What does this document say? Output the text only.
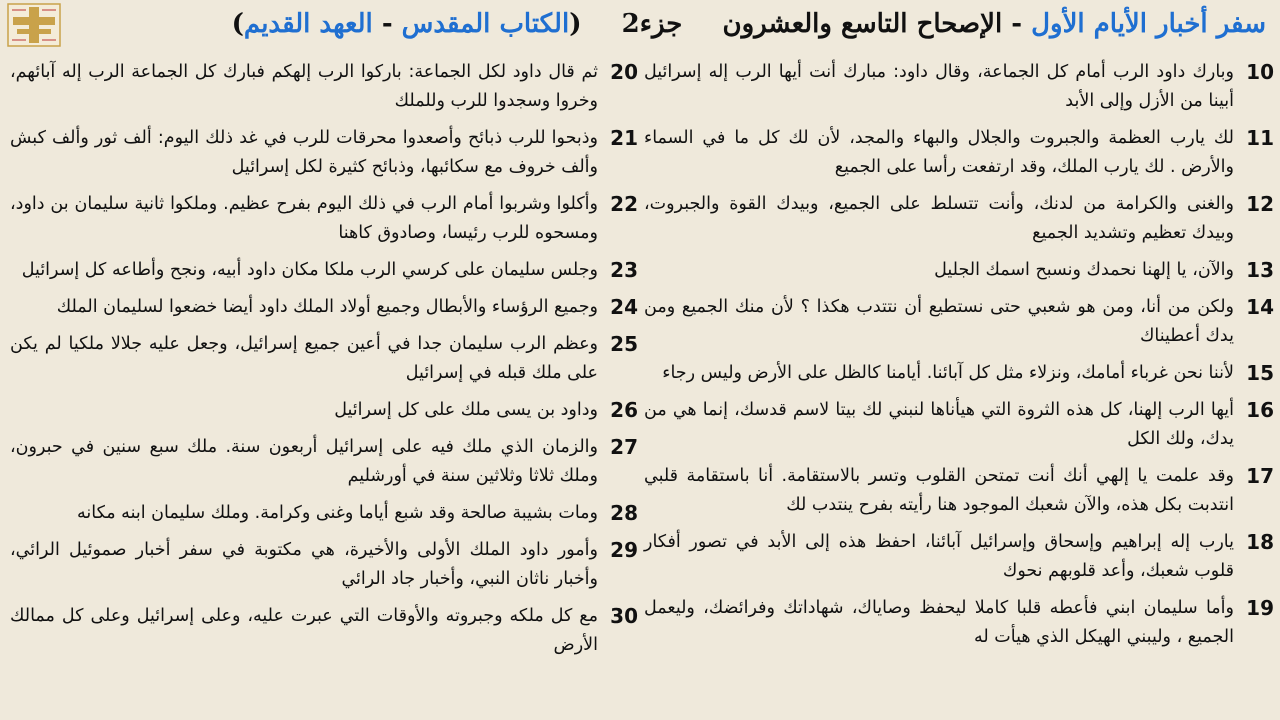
سفر أخبار الأيام الأول - الإصحاح التاسع والعشرون  جزء2  (الكتاب المقدس - العهد القديم)
10
وبارك داود الرب أمام كل الجماعة، وقال داود: مبارك أنت أيها الرب إله إسرائيل أبينا من الأزل وإلى الأبد
11
لك يارب العظمة والجبروت والجلال والبهاء والمجد، لأن لك كل ما في السماء والأرض . لك يارب الملك، وقد ارتفعت رأسا على الجميع
12
والغنى والكرامة من لدنك، وأنت تتسلط على الجميع، وبيدك القوة والجبروت، وبيدك تعظيم وتشديد الجميع
13
والآن، يا إلهنا نحمدك ونسبح اسمك الجليل
14
ولكن من أنا، ومن هو شعبي حتى نستطيع أن نتتدب هكذا ؟ لأن منك الجميع ومن يدك أعطيناك
15
لأننا نحن غرباء أمامك، ونزلاء مثل كل آبائنا. أيامنا كالظل على الأرض وليس رجاء
16
أيها الرب إلهنا، كل هذه الثروة التي هيأناها لنبني لك بيتا لاسم قدسك، إنما هي من يدك، ولك الكل
17
وقد علمت يا إلهي أنك أنت تمتحن القلوب وتسر بالاستقامة. أنا باستقامة قلبي انتدبت بكل هذه، والآن شعبك الموجود هنا رأيته بفرح ينتدب لك
18
يارب إله إبراهيم وإسحاق وإسرائيل آبائنا، احفظ هذه إلى الأبد في تصور أفكار قلوب شعبك، وأعد قلوبهم نحوك
19
وأما سليمان ابني فأعطه قلبا كاملا ليحفظ وصاياك، شهاداتك وفرائضك، وليعمل الجميع ، وليبني الهيكل الذي هيأت له
20
ثم قال داود لكل الجماعة: باركوا الرب إلهكم فبارك كل الجماعة الرب إله آبائهم، وخروا وسجدوا للرب وللملك
21
وذبحوا للرب ذبائح وأصعدوا محرقات للرب في غد ذلك اليوم: ألف ثور وألف كبش وألف خروف مع سكائبها، وذبائح كثيرة لكل إسرائيل
22
وأكلوا وشربوا أمام الرب في ذلك اليوم بفرح عظيم. وملكوا ثانية سليمان بن داود، ومسحوه للرب رئيسا، وصادوق كاهنا
23
وجلس سليمان على كرسي الرب ملكا مكان داود أبيه، ونجح وأطاعه كل إسرائيل
24
وجميع الرؤساء والأبطال وجميع أولاد الملك داود أيضا خضعوا لسليمان الملك
25
وعظم الرب سليمان جدا في أعين جميع إسرائيل، وجعل عليه جلالا ملكيا لم يكن على ملك قبله في إسرائيل
26
وداود بن يسى ملك على كل إسرائيل
27
والزمان الذي ملك فيه على إسرائيل أربعون سنة. ملك سبع سنين في حبرون، وملك ثلاثا وثلاثين سنة في أورشليم
28
ومات بشيبة صالحة وقد شبع أياما وغنى وكرامة. وملك سليمان ابنه مكانه
29
وأمور داود الملك الأولى والأخيرة، هي مكتوبة في سفر أخبار صموئيل الرائي، وأخبار ناثان النبي، وأخبار جاد الرائي
30
مع كل ملكه وجبروته والأوقات التي عبرت عليه، وعلى إسرائيل وعلى كل ممالك الأرض
